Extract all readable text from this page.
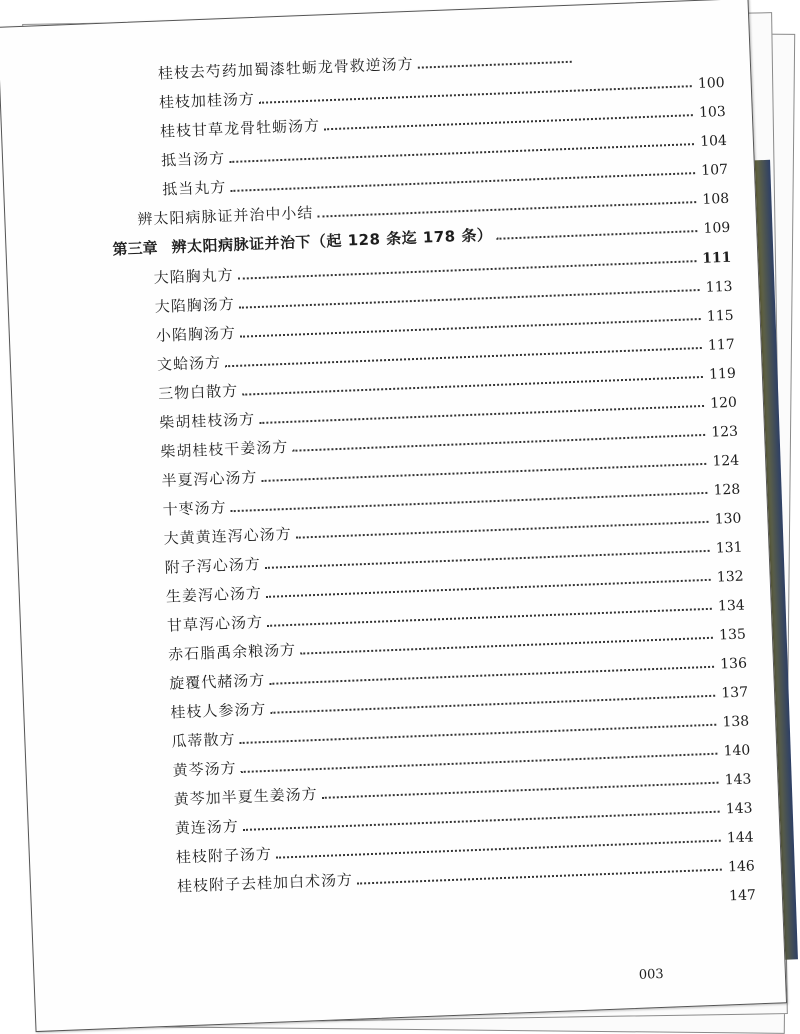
桂枝去芍药加蜀漆牡蛎龙骨救逆汤方
桂枝加桂汤方
100
桂枝甘草龙骨牡蛎汤方
103
抵当汤方
104
抵当丸方
107
辨太阳病脉证并治中小结
108
第三章 辨太阳病脉证并治下（起 128 条迄 178 条）	109
大陷胸丸方
111
大陷胸汤方
113
小陷胸汤方
115
文蛤汤方
117
三物白散方
119
柴胡桂枝汤方
120
柴胡桂枝干姜汤方
123
半夏泻心汤方
124
十枣汤方
128
大黄黄连泻心汤方
130
附子泻心汤方
131
生姜泻心汤方
132
甘草泻心汤方
134
赤石脂禹余粮汤方
135
旋覆代赭汤方
136
桂枝人参汤方
137
瓜蒂散方
138
黄芩汤方
140
黄芩加半夏生姜汤方
143
黄连汤方
143
桂枝附子汤方
144
桂枝附子去桂加白术汤方
146
147
003
